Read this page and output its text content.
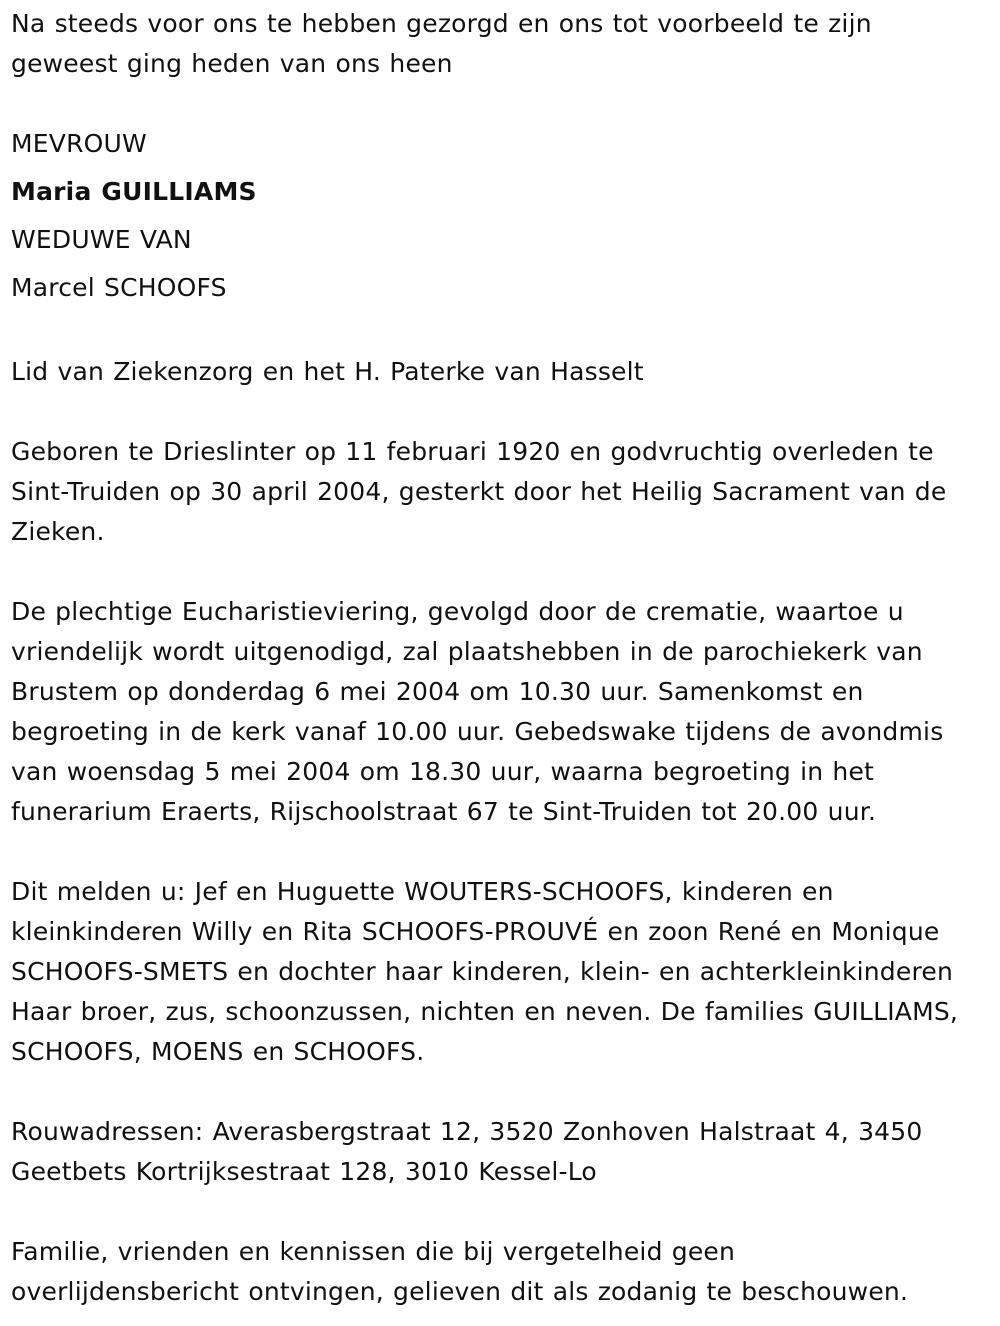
Na steeds voor ons te hebben gezorgd en ons tot voorbeeld te zijn
geweest ging heden van ons heen

MEVROUW
Maria GUILLIAMS
WEDUWE VAN
Marcel SCHOOFS

Lid van Ziekenzorg en het H. Paterke van Hasselt

Geboren te Drieslinter op 11 februari 1920 en godvruchtig overleden te
Sint-Truiden op 30 april 2004, gesterkt door het Heilig Sacrament van de
Zieken.

De plechtige Eucharistieviering, gevolgd door de crematie, waartoe u
vriendelijk wordt uitgenodigd, zal plaatshebben in de parochiekerk van
Brustem op donderdag 6 mei 2004 om 10.30 uur. Samenkomst en
begroeting in de kerk vanaf 10.00 uur. Gebedswake tijdens de avondmis
van woensdag 5 mei 2004 om 18.30 uur, waarna begroeting in het
funerarium Eraerts, Rijschoolstraat 67 te Sint-Truiden tot 20.00 uur.

Dit melden u: Jef en Huguette WOUTERS-SCHOOFS, kinderen en
kleinkinderen Willy en Rita SCHOOFS-PROUVÉ en zoon René en Monique
SCHOOFS-SMETS en dochter haar kinderen, klein- en achterkleinkinderen
Haar broer, zus, schoonzussen, nichten en neven. De families GUILLIAMS,
SCHOOFS, MOENS en SCHOOFS.

Rouwadressen: Averasbergstraat 12, 3520 Zonhoven Halstraat 4, 3450
Geetbets Kortrijksestraat 128, 3010 Kessel-Lo

Familie, vrienden en kennissen die bij vergetelheid geen
overlijdensbericht ontvingen, gelieven dit als zodanig te beschouwen.
